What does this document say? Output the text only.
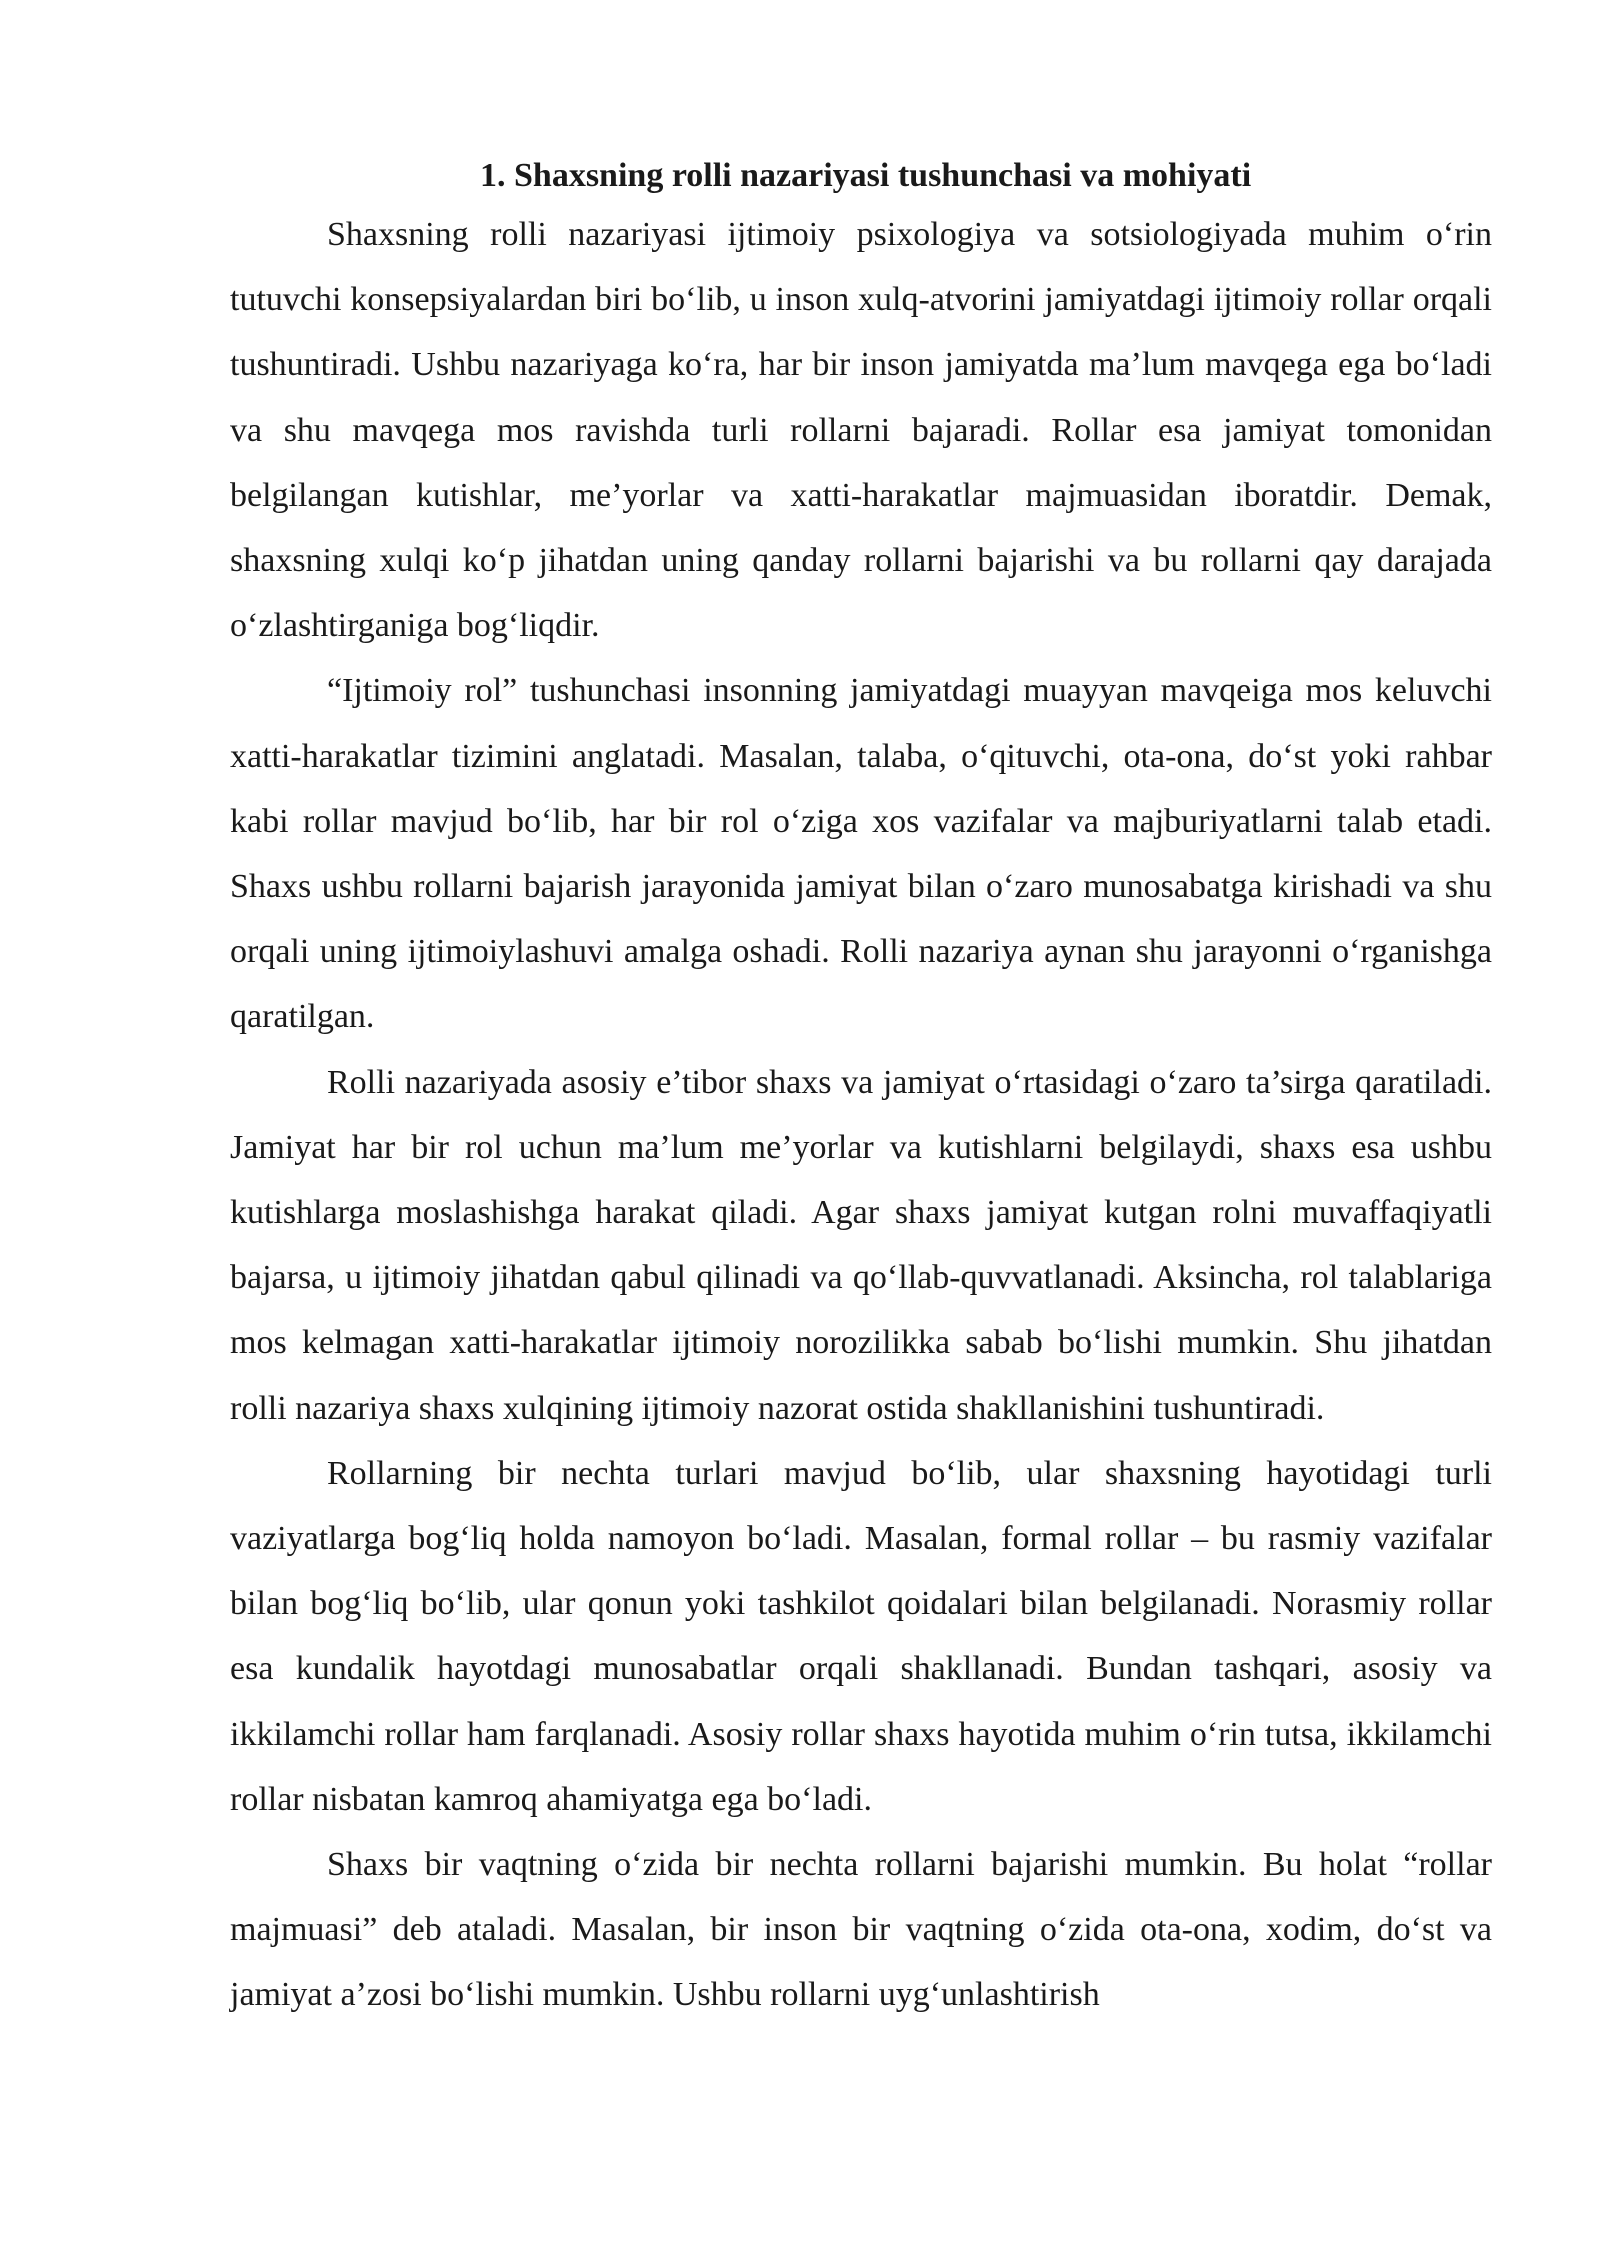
1. Shaxsning rolli nazariyasi tushunchasi va mohiyati

Shaxsning rolli nazariyasi ijtimoiy psixologiya va sotsiologiyada muhim o‘rin tutuvchi konsepsiyalardan biri bo‘lib, u inson xulq-atvorini jamiyatdagi ijtimoiy rollar orqali tushuntiradi. Ushbu nazariyaga ko‘ra, har bir inson jamiyatda ma’lum mavqega ega bo‘ladi va shu mavqega mos ravishda turli rollarni bajaradi. Rollar esa jamiyat tomonidan belgilangan kutishlar, me’yorlar va xatti-harakatlar majmuasidan iboratdir. Demak, shaxsning xulqi ko‘p jihatdan uning qanday rollarni bajarishi va bu rollarni qay darajada o‘zlashtirganiga bog‘liqdir.

“Ijtimoiy rol” tushunchasi insonning jamiyatdagi muayyan mavqeiga mos keluvchi xatti-harakatlar tizimini anglatadi. Masalan, talaba, o‘qituvchi, ota-ona, do‘st yoki rahbar kabi rollar mavjud bo‘lib, har bir rol o‘ziga xos vazifalar va majburiyatlarni talab etadi. Shaxs ushbu rollarni bajarish jarayonida jamiyat bilan o‘zaro munosabatga kirishadi va shu orqali uning ijtimoiylashuvi amalga oshadi. Rolli nazariya aynan shu jarayonni o‘rganishga qaratilgan.

Rolli nazariyada asosiy e’tibor shaxs va jamiyat o‘rtasidagi o‘zaro ta’sirga qaratiladi. Jamiyat har bir rol uchun ma’lum me’yorlar va kutishlarni belgilaydi, shaxs esa ushbu kutishlarga moslashishga harakat qiladi. Agar shaxs jamiyat kutgan rolni muvaffaqiyatli bajarsa, u ijtimoiy jihatdan qabul qilinadi va qo‘llab-quvvatlanadi. Aksincha, rol talablariga mos kelmagan xatti-harakatlar ijtimoiy norozilikka sabab bo‘lishi mumkin. Shu jihatdan rolli nazariya shaxs xulqining ijtimoiy nazorat ostida shakllanishini tushuntiradi.

Rollarning bir nechta turlari mavjud bo‘lib, ular shaxsning hayotidagi turli vaziyatlarga bog‘liq holda namoyon bo‘ladi. Masalan, formal rollar – bu rasmiy vazifalar bilan bog‘liq bo‘lib, ular qonun yoki tashkilot qoidalari bilan belgilanadi. Norasmiy rollar esa kundalik hayotdagi munosabatlar orqali shakllanadi. Bundan tashqari, asosiy va ikkilamchi rollar ham farqlanadi. Asosiy rollar shaxs hayotida muhim o‘rin tutsa, ikkilamchi rollar nisbatan kamroq ahamiyatga ega bo‘ladi.

Shaxs bir vaqtning o‘zida bir nechta rollarni bajarishi mumkin. Bu holat “rollar majmuasi” deb ataladi. Masalan, bir inson bir vaqtning o‘zida ota-ona, xodim, do‘st va jamiyat a’zosi bo‘lishi mumkin. Ushbu rollarni uyg‘unlashtirish
